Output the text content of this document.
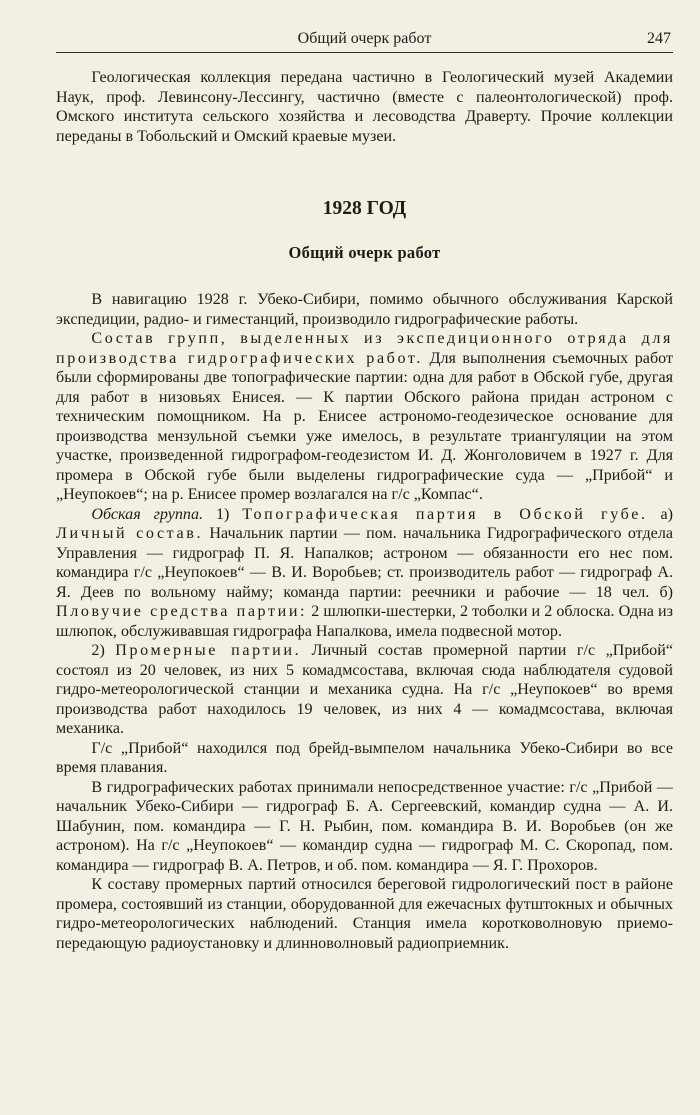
Общий очерк работ	247

Геологическая коллекция передана частично в Геологический музей Академии Наук, проф. Левинсону-Лессингу, частично (вместе с палеонтологической) проф. Омского института сельского хозяйства и лесоводства Драверту. Прочие коллекции переданы в Тобольский и Омский краевые музеи.

1928 ГОД
Общий очерк работ

В навигацию 1928 г. Убеко-Сибири, помимо обычного обслуживания Карской экспедиции, радио- и гиместанций, производило гидрографические работы.

Состав групп, выделенных из экспедиционного отряда для производства гидрографических работ. Для выполнения съемочных работ были сформированы две топографические партии: одна для работ в Обской губе, другая для работ в низовьях Енисея. — К партии Обского района придан астроном с техническим помощником. На р. Енисее астрономо-геодезическое основание для производства мензульной съемки уже имелось, в результате триангуляции на этом участке, произведенной гидрографом-геодезистом И. Д. Жонголовичем в 1927 г. Для промера в Обской губе были выделены гидрографические суда — „Прибой“ и „Неупокоев“; на р. Енисее промер возлагался на г/с „Компас“.

Обская группа. 1) Топографическая партия в Обской губе. а) Личный состав. Начальник партии — пом. начальника Гидрографического отдела Управления — гидрограф П. Я. Напалков; астроном — обязанности его нес пом. командира г/с „Неупокоев“ — В. И. Воробьев; ст. производитель работ — гидрограф А. Я. Деев по вольному найму; команда партии: реечники и рабочие — 18 чел. б) Пловучие средства партии: 2 шлюпки-шестерки, 2 тоболки и 2 облоска. Одна из шлюпок, обслуживавшая гидрографа Напалкова, имела подвесной мотор.

2) Промерные партии. Личный состав промерной партии г/с „Прибой“ состоял из 20 человек, из них 5 комадмсостава, включая сюда наблюдателя судовой гидро-метеорологической станции и механика судна. На г/с „Неупокоев“ во время производства работ находилось 19 человек, из них 4 — комадмсостава, включая механика.

Г/с „Прибой“ находился под брейд-вымпелом начальника Убеко-Сибири во все время плавания.

В гидрографических работах принимали непосредственное участие: г/с „Прибой — начальник Убеко-Сибири — гидрограф Б. А. Сергеевский, командир судна — А. И. Шабунин, пом. командира — Г. Н. Рыбин, пом. командира В. И. Воробьев (он же астроном). На г/с „Неупокоев“ — командир судна — гидрограф М. С. Скоропад, пом. командира — гидрограф В. А. Петров, и об. пом. командира — Я. Г. Прохоров.

К составу промерных партий относился береговой гидрологический пост в районе промера, состоявший из станции, оборудованной для ежечасных футштокных и обычных гидро-метеорологических наблюдений. Станция имела коротковолновую приемо-передающую радиоустановку и длинноволновый радиоприемник.
